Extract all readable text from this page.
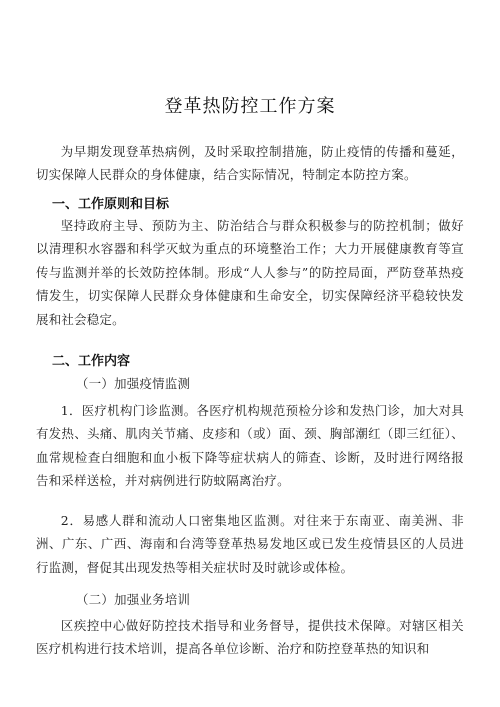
登革热防控工作方案

为早期发现登革热病例，及时采取控制措施，防止疫情的传播和蔓延，切实保障人民群众的身体健康，结合实际情况，特制定本防控方案。

一、工作原则和目标

坚持政府主导、预防为主、防治结合与群众积极参与的防控机制；做好以清理积水容器和科学灭蚊为重点的环境整治工作；大力开展健康教育等宣传与监测并举的长效防控体制。形成“人人参与”的防控局面，严防登革热疫情发生，切实保障人民群众身体健康和生命安全，切实保障经济平稳较快发展和社会稳定。

二、工作内容

（一）加强疫情监测

1．医疗机构门诊监测。各医疗机构规范预检分诊和发热门诊，加大对具有发热、头痛、肌肉关节痛、皮疹和（或）面、颈、胸部潮红（即三红征）、血常规检查白细胞和血小板下降等症状病人的筛查、诊断，及时进行网络报告和采样送检，并对病例进行防蚊隔离治疗。

2．易感人群和流动人口密集地区监测。对往来于东南亚、南美洲、非洲、广东、广西、海南和台湾等登革热易发地区或已发生疫情县区的人员进行监测，督促其出现发热等相关症状时及时就诊或体检。

（二）加强业务培训

区疾控中心做好防控技术指导和业务督导，提供技术保障。对辖区相关医疗机构进行技术培训，提高各单位诊断、治疗和防控登革热的知识和
